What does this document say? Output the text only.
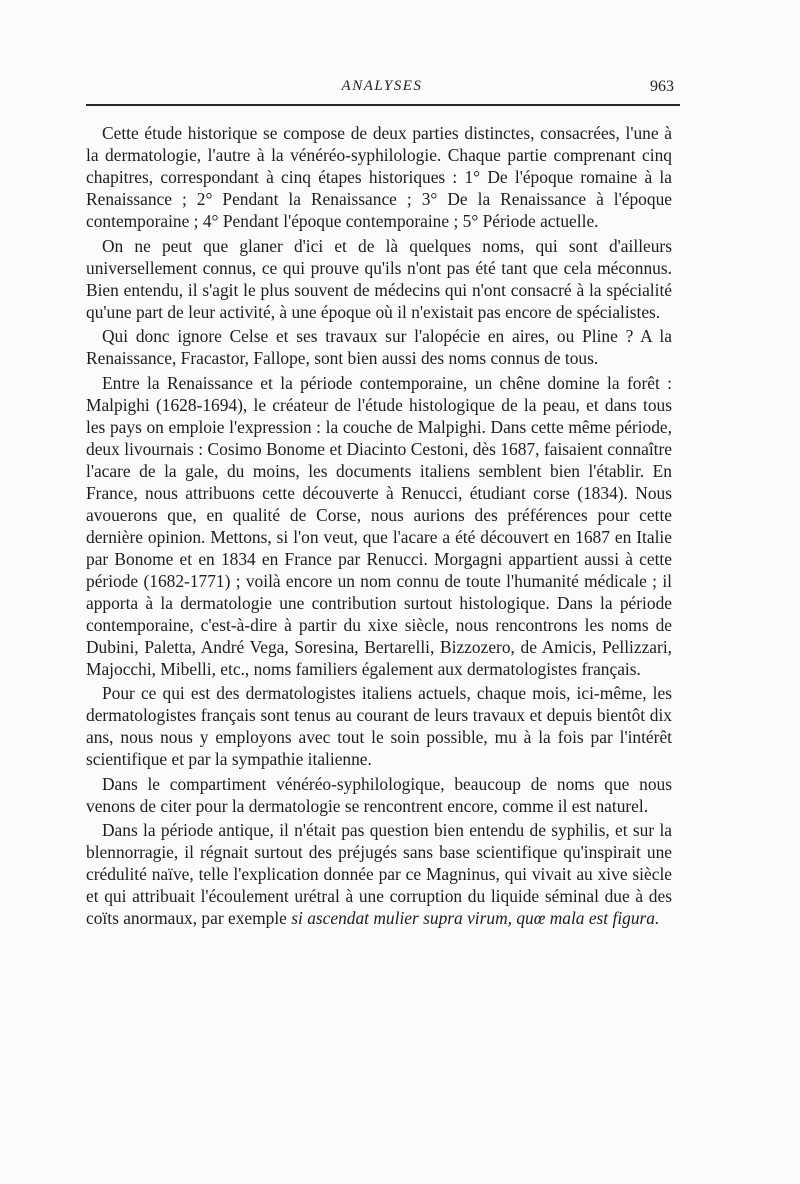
ANALYSES	963

Cette étude historique se compose de deux parties distinctes, consacrées, l'une à la dermatologie, l'autre à la vénéréo-syphilologie. Chaque partie comprenant cinq chapitres, correspondant à cinq étapes historiques : 1° De l'époque romaine à la Renaissance ; 2° Pendant la Renaissance ; 3° De la Renaissance à l'époque contemporaine ; 4° Pendant l'époque contemporaine ; 5° Période actuelle.

On ne peut que glaner d'ici et de là quelques noms, qui sont d'ailleurs universellement connus, ce qui prouve qu'ils n'ont pas été tant que cela méconnus. Bien entendu, il s'agit le plus souvent de médecins qui n'ont consacré à la spécialité qu'une part de leur activité, à une époque où il n'existait pas encore de spécialistes.

Qui donc ignore Celse et ses travaux sur l'alopécie en aires, ou Pline ? A la Renaissance, Fracastor, Fallope, sont bien aussi des noms connus de tous.

Entre la Renaissance et la période contemporaine, un chêne domine la forêt : Malpighi (1628-1694), le créateur de l'étude histologique de la peau, et dans tous les pays on emploie l'expression : la couche de Malpighi. Dans cette même période, deux livournais : Cosimo Bonome et Diacinto Cestoni, dès 1687, faisaient connaître l'acare de la gale, du moins, les documents italiens semblent bien l'établir. En France, nous attribuons cette découverte à Renucci, étudiant corse (1834). Nous avouerons que, en qualité de Corse, nous aurions des préférences pour cette dernière opinion. Mettons, si l'on veut, que l'acare a été découvert en 1687 en Italie par Bonome et en 1834 en France par Renucci. Morgagni appartient aussi à cette période (1682-1771) ; voilà encore un nom connu de toute l'humanité médicale ; il apporta à la dermatologie une contribution surtout histologique. Dans la période contemporaine, c'est-à-dire à partir du xixe siècle, nous rencontrons les noms de Dubini, Paletta, André Vega, Soresina, Bertarelli, Bizzozero, de Amicis, Pellizzari, Majocchi, Mibelli, etc., noms familiers également aux dermatologistes français.

Pour ce qui est des dermatologistes italiens actuels, chaque mois, ici-même, les dermatologistes français sont tenus au courant de leurs travaux et depuis bientôt dix ans, nous nous y employons avec tout le soin possible, mu à la fois par l'intérêt scientifique et par la sympathie italienne.

Dans le compartiment vénéréo-syphilologique, beaucoup de noms que nous venons de citer pour la dermatologie se rencontrent encore, comme il est naturel.

Dans la période antique, il n'était pas question bien entendu de syphilis, et sur la blennorragie, il régnait surtout des préjugés sans base scientifique qu'inspirait une crédulité naïve, telle l'explication donnée par ce Magninus, qui vivait au xive siècle et qui attribuait l'écoulement urétral à une corruption du liquide séminal due à des coïts anormaux, par exemple si ascendat mulier supra virum, quœ mala est figura.
